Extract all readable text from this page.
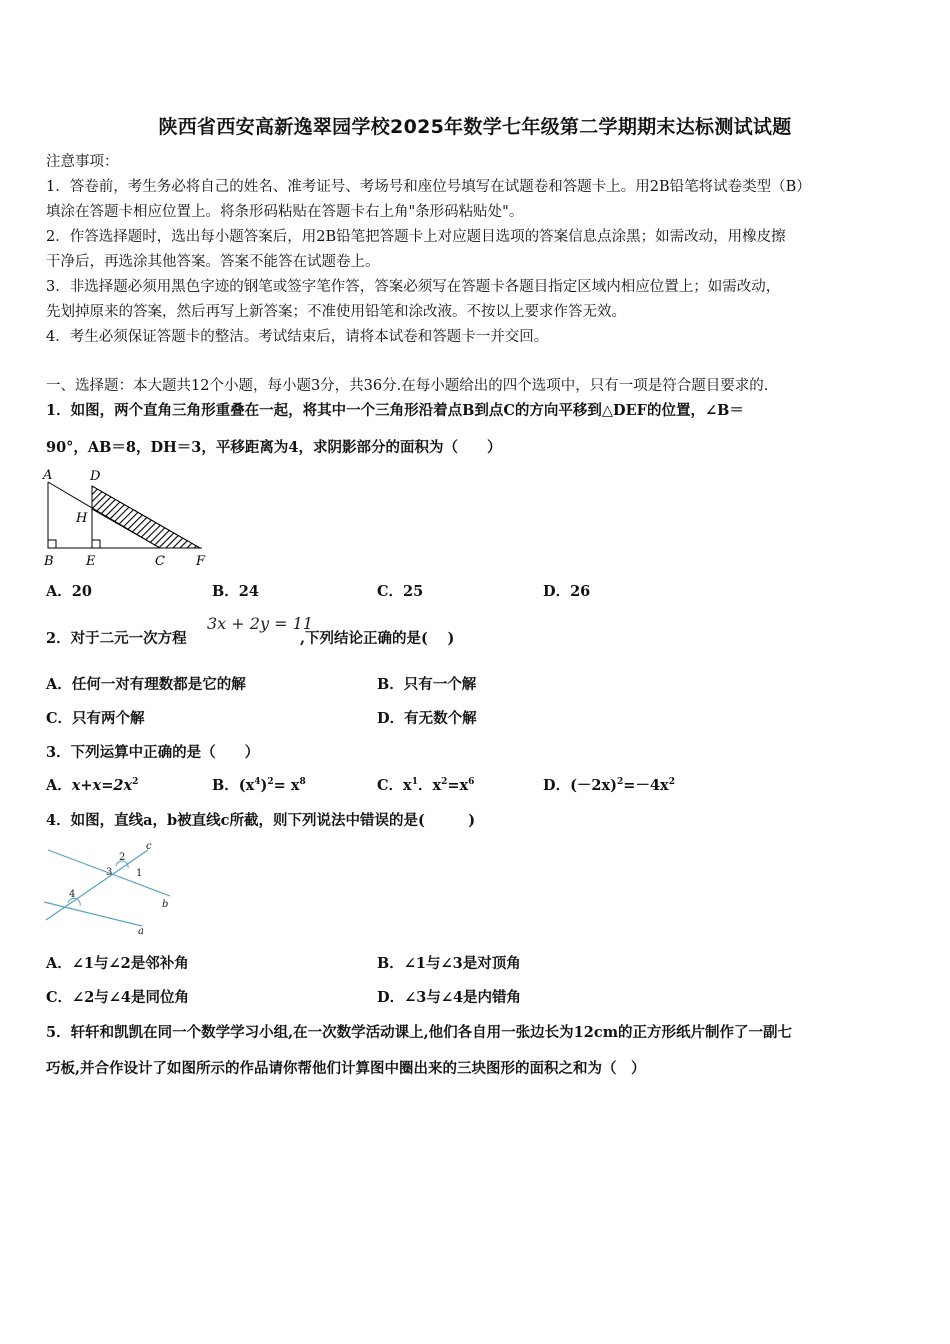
陕西省西安高新逸翠园学校2025年数学七年级第二学期期末达标测试试题
注意事项：
1．答卷前，考生务必将自己的姓名、准考证号、考场号和座位号填写在试题卷和答题卡上。用2B铅笔将试卷类型（B）
填涂在答题卡相应位置上。将条形码粘贴在答题卡右上角"条形码粘贴处"。
2．作答选择题时，选出每小题答案后，用2B铅笔把答题卡上对应题目选项的答案信息点涂黑；如需改动，用橡皮擦
干净后，再选涂其他答案。答案不能答在试题卷上。
3．非选择题必须用黑色字迹的钢笔或签字笔作答，答案必须写在答题卡各题目指定区域内相应位置上；如需改动，
先划掉原来的答案，然后再写上新答案；不准使用铅笔和涂改液。不按以上要求作答无效。
4．考生必须保证答题卡的整洁。考试结束后，请将本试卷和答题卡一并交回。
一、选择题：本大题共12个小题，每小题3分，共36分.在每小题给出的四个选项中，只有一项是符合题目要求的.
1．如图，两个直角三角形重叠在一起，将其中一个三角形沿着点B到点C的方向平移到△DEF的位置，∠B＝
90°，AB＝8，DH＝3，平移距离为4，求阴影部分的面积为（　　）
A	D
H
B E	C F
A．20	B．24	C．25	D．26
2．对于二元一次方程
3x + 2y = 11
,下列结论正确的是(　 )
A．任何一对有理数都是它的解	B．只有一个解
C．只有两个解	D．有无数个解
3．下列运算中正确的是（　　）
A．$x+x=2x^2$	B．$(x^4)^2= x^8$	C．$x^1$．$x^2=x^6$	D．$(-2x)^2=-4x^2$
4．如图，直线a，b被直线c所截，则下列说法中错误的是(　　　)
c
2
3 1
4
b
a
A．∠1与∠2是邻补角	B．∠1与∠3是对顶角
C．∠2与∠4是同位角	D．∠3与∠4是内错角
5．轩轩和凯凯在同一个数学学习小组,在一次数学活动课上,他们各自用一张边长为12cm的正方形纸片制作了一副七
巧板,并合作设计了如图所示的作品请你帮他们计算图中圈出来的三块图形的面积之和为（　）
